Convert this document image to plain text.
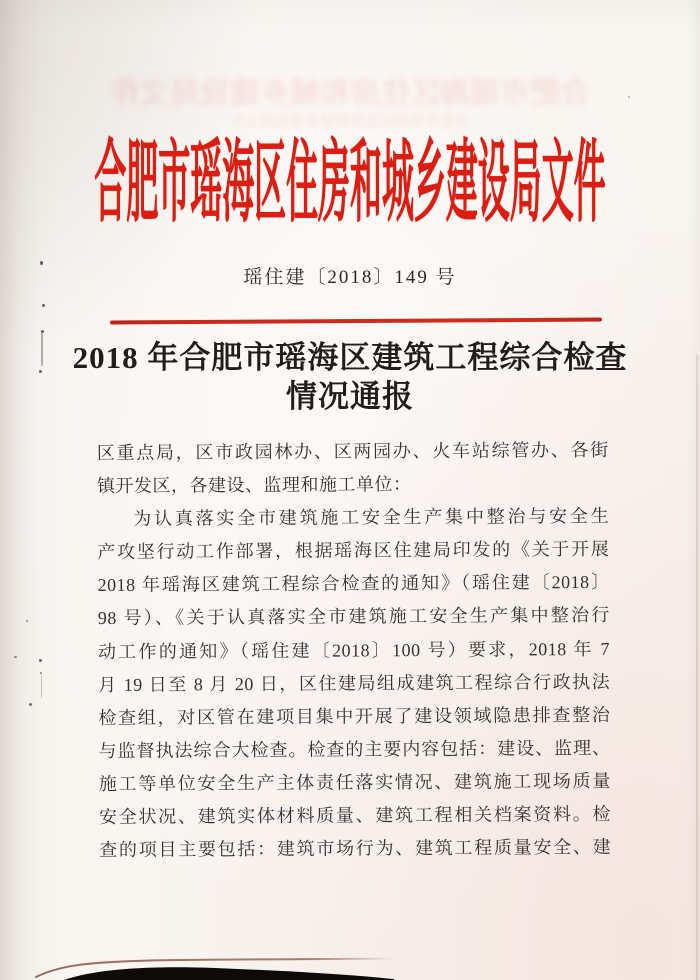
合肥市瑶海区住房和城乡建设局文件
合肥市瑶海区住房和城乡建设局文件
合肥市瑶海区住房和城乡建设局文件
瑶住建〔2018〕149 号
2018 年合肥市瑶海区建筑工程综合检查
情况通报
区重点局，区市政园林办、区两园办、火车站综管办、各街
镇开发区，各建设、监理和施工单位：
为认真落实全市建筑施工安全生产集中整治与安全生
产攻坚行动工作部署，根据瑶海区住建局印发的《关于开展
2018 年瑶海区建筑工程综合检查的通知》（瑶住建〔2018〕
98 号）、《关于认真落实全市建筑施工安全生产集中整治行
动工作的通知》（瑶住建〔2018〕100 号）要求，2018 年 7
月 19 日至 8 月 20 日，区住建局组成建筑工程综合行政执法
检查组，对区管在建项目集中开展了建设领域隐患排查整治
与监督执法综合大检查。检查的主要内容包括：建设、监理、
施工等单位安全生产主体责任落实情况、建筑施工现场质量
安全状况、建筑实体材料质量、建筑工程相关档案资料。检
查的项目主要包括：建筑市场行为、建筑工程质量安全、建
